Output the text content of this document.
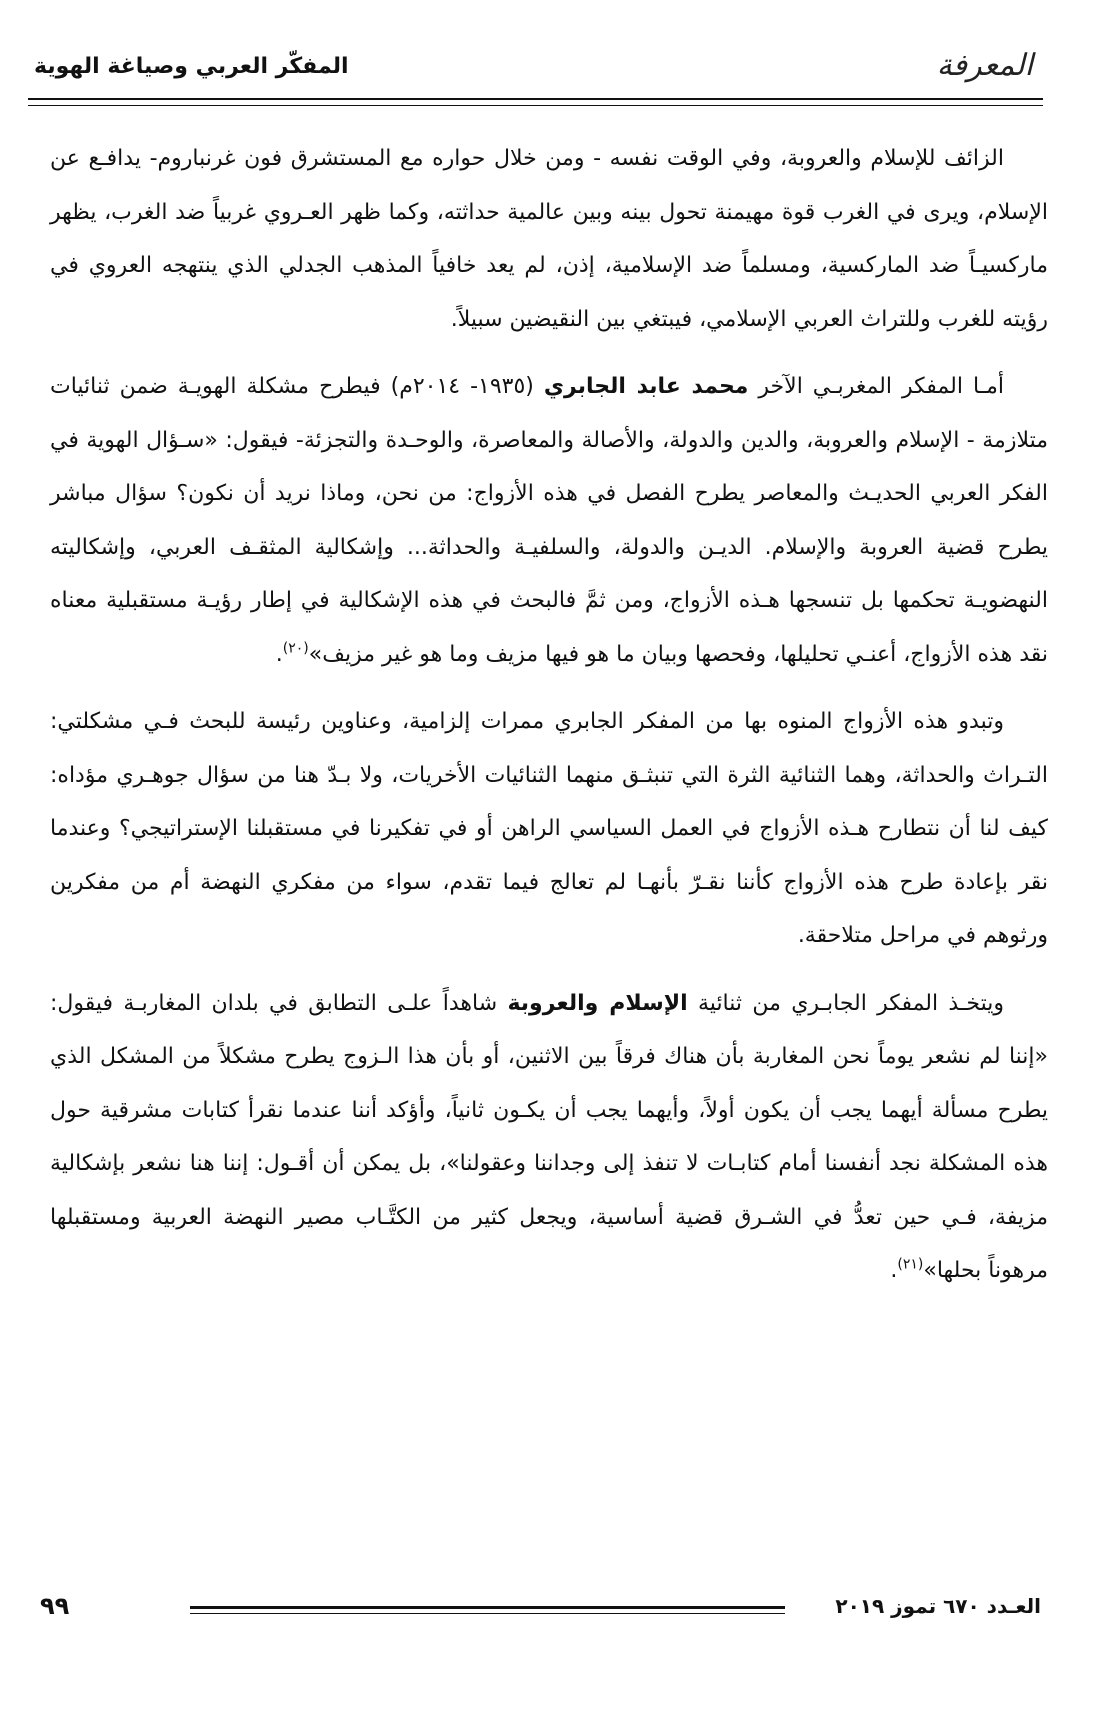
المعرفة
المفكّر العربي وصياغة الهوية

الزائف للإسلام والعروبة، وفي الوقت نفسه - ومن خلال حواره مع المستشرق فون غرنباروم- يدافـع عن الإسلام، ويرى في الغرب قوة مهيمنة تحول بينه وبين عالمية حداثته، وكما ظهر العـروي غربياً ضد الغرب، يظهر ماركسيـاً ضد الماركسية، ومسلماً ضد الإسلامية، إذن، لم يعد خافياً المذهب الجدلي الذي ينتهجه العروي في رؤيته للغرب وللتراث العربي الإسلامي، فيبتغي بين النقيضين سبيلاً.

أمـا المفكر المغربـي الآخر محمد عابد الجابري (١٩٣٥- ٢٠١٤م) فيطرح مشكلة الهويـة ضمن ثنائيات متلازمة - الإسلام والعروبة، والدين والدولة، والأصالة والمعاصرة، والوحـدة والتجزئة- فيقول: «سـؤال الهوية في الفكر العربي الحديـث والمعاصر يطرح الفصل في هذه الأزواج: من نحن، وماذا نريد أن نكون؟ سؤال مباشر يطرح قضية العروبة والإسلام. الديـن والدولة، والسلفيـة والحداثة... وإشكالية المثقـف العربي، وإشكاليته النهضويـة تحكمها بل تنسجها هـذه الأزواج، ومن ثمَّ فالبحث في هذه الإشكالية في إطار رؤيـة مستقبلية معناه نقد هذه الأزواج، أعنـي تحليلها، وفحصها وبيان ما هو فيها مزيف وما هو غير مزيف»$^{(٢٠)}$.

وتبدو هذه الأزواج المنوه بها من المفكر الجابري ممرات إلزامية، وعناوين رئيسة للبحث فـي مشكلتي: التـراث والحداثة، وهما الثنائية الثرة التي تنبثـق منهما الثنائيات الأخريات، ولا بـدّ هنا من سؤال جوهـري مؤداه: كيف لنا أن نتطارح هـذه الأزواج في العمل السياسي الراهن أو في تفكيرنا في مستقبلنا الإستراتيجي؟ وعندما نقر بإعادة طرح هذه الأزواج كأننا نقـرّ بأنهـا لم تعالج فيما تقدم، سواء من مفكري النهضة أم من مفكرين ورثوهم في مراحل متلاحقة.

ويتخـذ المفكر الجابـري من ثنائية الإسلام والعروبة شاهداً علـى التطابق في بلدان المغاربـة فيقول: «إننا لم نشعر يوماً نحن المغاربة بأن هناك فرقاً بين الاثنين، أو بأن هذا الـزوج يطرح مشكلاً من المشكل الذي يطرح مسألة أيهما يجب أن يكون أولاً، وأيهما يجب أن يكـون ثانياً، وأؤكد أننا عندما نقرأ كتابات مشرقية حول هذه المشكلة نجد أنفسنا أمام كتابـات لا تنفذ إلى وجداننا وعقولنا»، بل يمكن أن أقـول: إننا هنا نشعر بإشكالية مزيفة، فـي حين تعدُّ في الشـرق قضية أساسية، ويجعل كثير من الكتَّـاب مصير النهضة العربية ومستقبلها مرهوناً بحلها»$^{(٢١)}$.

٩٩	العـدد ٦٧٠ تموز ٢٠١٩
